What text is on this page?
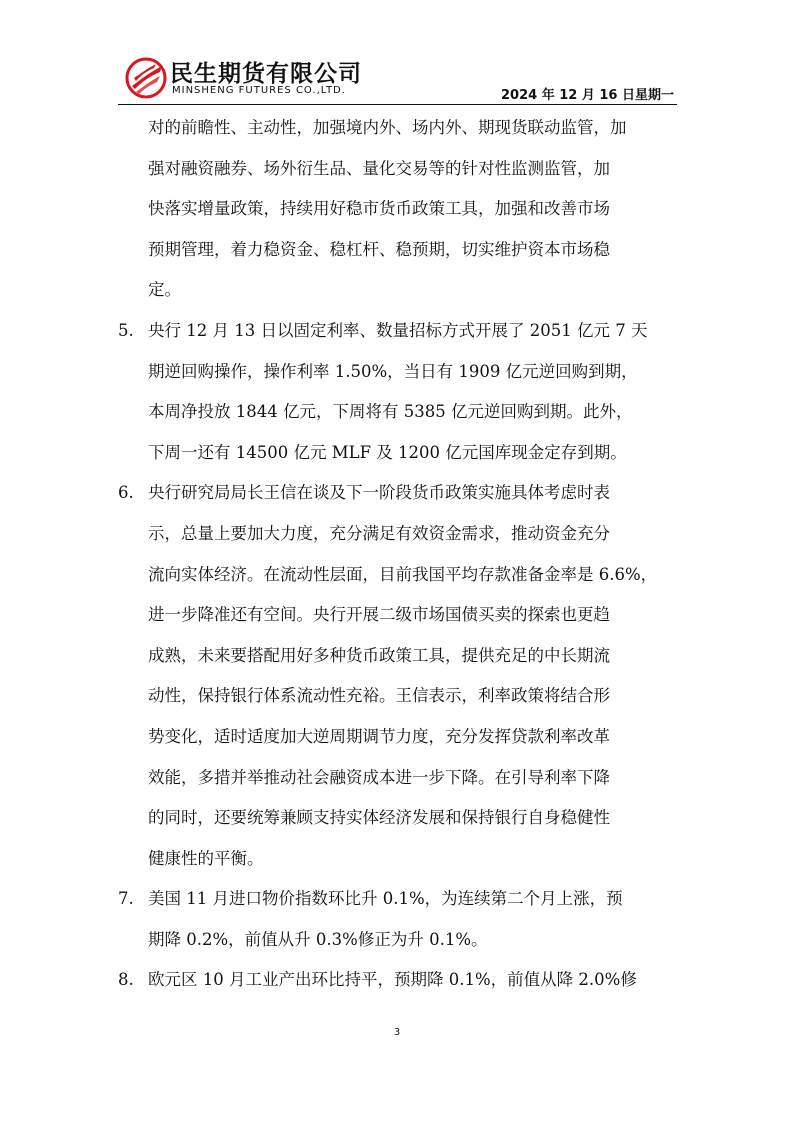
民生期货有限公司
MINSHENG FUTURES CO.,LTD.	2024 年 12 月 16 日星期一
对的前瞻性、主动性，加强境内外、场内外、期现货联动监管，加
强对融资融券、场外衍生品、量化交易等的针对性监测监管，加
快落实增量政策，持续用好稳市货币政策工具，加强和改善市场
预期管理，着力稳资金、稳杠杆、稳预期，切实维护资本市场稳
定。
5. 央行 12 月 13 日以固定利率、数量招标方式开展了 2051 亿元 7 天
期逆回购操作，操作利率 1.50%，当日有 1909 亿元逆回购到期，
本周净投放 1844 亿元，下周将有 5385 亿元逆回购到期。此外，
下周一还有 14500 亿元 MLF 及 1200 亿元国库现金定存到期。
6. 央行研究局局长王信在谈及下一阶段货币政策实施具体考虑时表
示，总量上要加大力度，充分满足有效资金需求，推动资金充分
流向实体经济。在流动性层面，目前我国平均存款准备金率是 6.6%，
进一步降准还有空间。央行开展二级市场国债买卖的探索也更趋
成熟，未来要搭配用好多种货币政策工具，提供充足的中长期流
动性，保持银行体系流动性充裕。王信表示，利率政策将结合形
势变化，适时适度加大逆周期调节力度，充分发挥贷款利率改革
效能，多措并举推动社会融资成本进一步下降。在引导利率下降
的同时，还要统筹兼顾支持实体经济发展和保持银行自身稳健性
健康性的平衡。
7. 美国 11 月进口物价指数环比升 0.1%，为连续第二个月上涨，预
期降 0.2%，前值从升 0.3%修正为升 0.1%。
8. 欧元区 10 月工业产出环比持平，预期降 0.1%，前值从降 2.0%修
3
